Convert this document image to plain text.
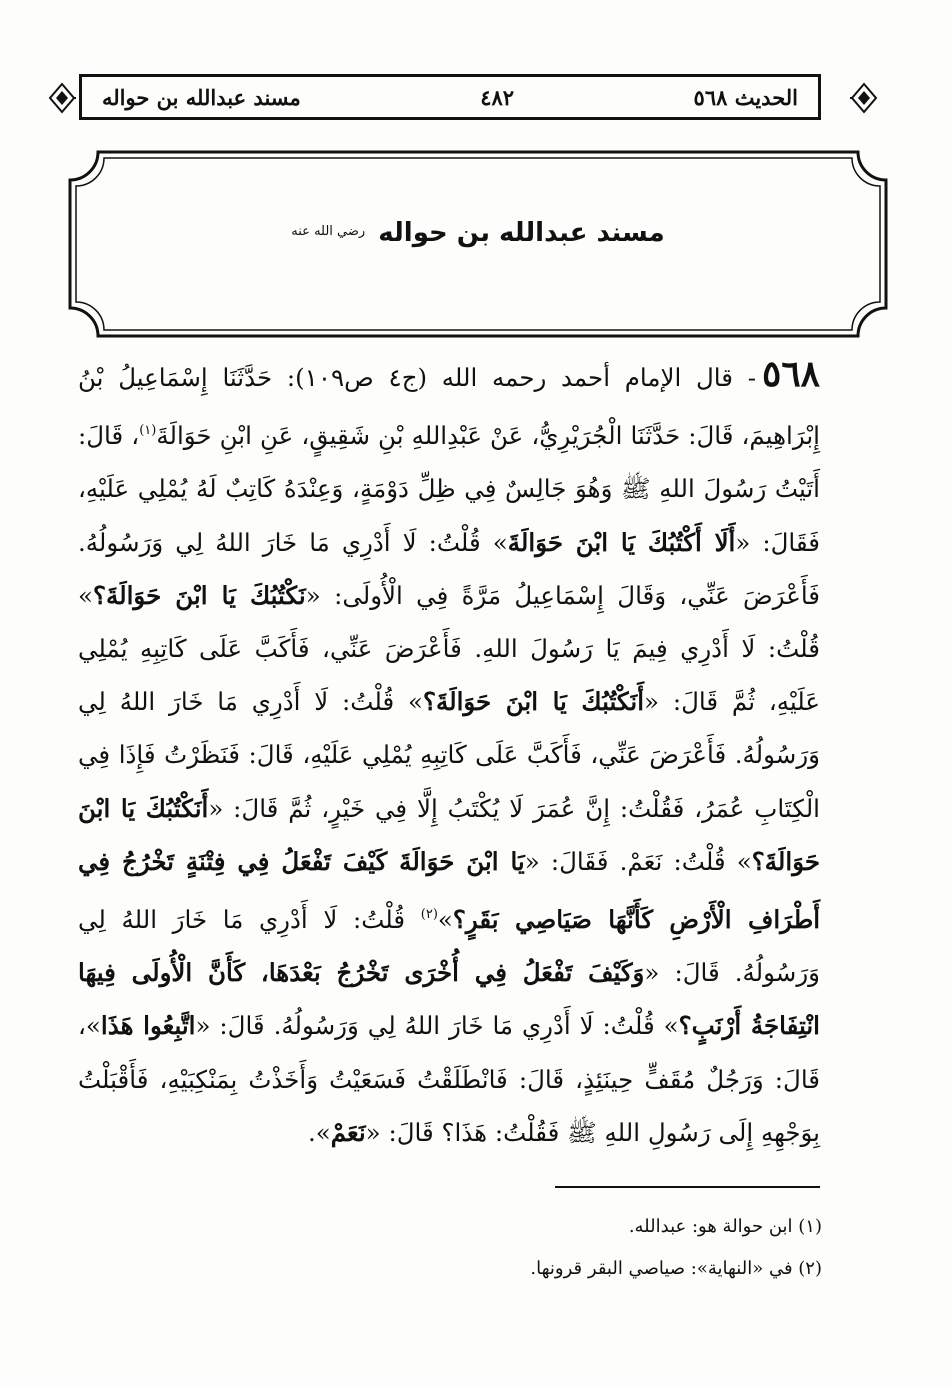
مسند عبدالله بن حواله	٤٨٢	الحديث ٥٦٨
مسند عبدالله بن حواله $^{رضي الله عنه}$
٥٦٨- قال الإمام أحمد رحمه الله (ج٤ ص١٠٩): حَدَّثَنَا إِسْمَاعِيلُ بْنُ إِبْرَاهِيمَ، قَالَ: حَدَّثَنَا الْجُرَيْرِيُّ، عَنْ عَبْدِاللهِ بْنِ شَقِيقٍ، عَنِ ابْنِ حَوَالَةَ$^{(١)}$، قَالَ: أَتَيْتُ رَسُولَ اللهِ ﷺ وَهُوَ جَالِسٌ فِي ظِلِّ دَوْمَةٍ، وَعِنْدَهُ كَاتِبٌ لَهُ يُمْلِي عَلَيْهِ، فَقَالَ: «أَلَا أَكْتُبُكَ يَا ابْنَ حَوَالَةَ» قُلْتُ: لَا أَدْرِي مَا خَارَ اللهُ لِي وَرَسُولُهُ. فَأَعْرَضَ عَنِّي، وَقَالَ إِسْمَاعِيلُ مَرَّةً فِي الْأُولَى: «نَكْتُبُكَ يَا ابْنَ حَوَالَةَ؟» قُلْتُ: لَا أَدْرِي فِيمَ يَا رَسُولَ اللهِ. فَأَعْرَضَ عَنِّي، فَأَكَبَّ عَلَى كَاتِبِهِ يُمْلِي عَلَيْهِ، ثُمَّ قَالَ: «أَنَكْتُبُكَ يَا ابْنَ حَوَالَةَ؟» قُلْتُ: لَا أَدْرِي مَا خَارَ اللهُ لِي وَرَسُولُهُ. فَأَعْرَضَ عَنِّي، فَأَكَبَّ عَلَى كَاتِبِهِ يُمْلِي عَلَيْهِ، قَالَ: فَنَظَرْتُ فَإِذَا فِي الْكِتَابِ عُمَرُ، فَقُلْتُ: إِنَّ عُمَرَ لَا يُكْتَبُ إِلَّا فِي خَيْرٍ، ثُمَّ قَالَ: «أَنَكْتُبُكَ يَا ابْنَ حَوَالَةَ؟» قُلْتُ: نَعَمْ. فَقَالَ: «يَا ابْنَ حَوَالَةَ كَيْفَ تَفْعَلُ فِي فِتْنَةٍ تَخْرُجُ فِي أَطْرَافِ الْأَرْضِ كَأَنَّهَا صَيَاصِي بَقَرٍ؟»$^{(٢)}$ قُلْتُ: لَا أَدْرِي مَا خَارَ اللهُ لِي وَرَسُولُهُ. قَالَ: «وَكَيْفَ تَفْعَلُ فِي أُخْرَى تَخْرُجُ بَعْدَهَا، كَأَنَّ الْأُولَى فِيهَا انْتِفَاجَةُ أَرْنَبٍ؟» قُلْتُ: لَا أَدْرِي مَا خَارَ اللهُ لِي وَرَسُولُهُ. قَالَ: «اتَّبِعُوا هَذَا»، قَالَ: وَرَجُلٌ مُقَفٍّ حِينَئِذٍ، قَالَ: فَانْطَلَقْتُ فَسَعَيْتُ وَأَخَذْتُ بِمَنْكِبَيْهِ، فَأَقْبَلْتُ بِوَجْهِهِ إِلَى رَسُولِ اللهِ ﷺ فَقُلْتُ: هَذَا؟ قَالَ: «نَعَمْ».
(١) ابن حوالة هو: عبدالله.
(٢) في «النهاية»: صياصي البقر قرونها.
